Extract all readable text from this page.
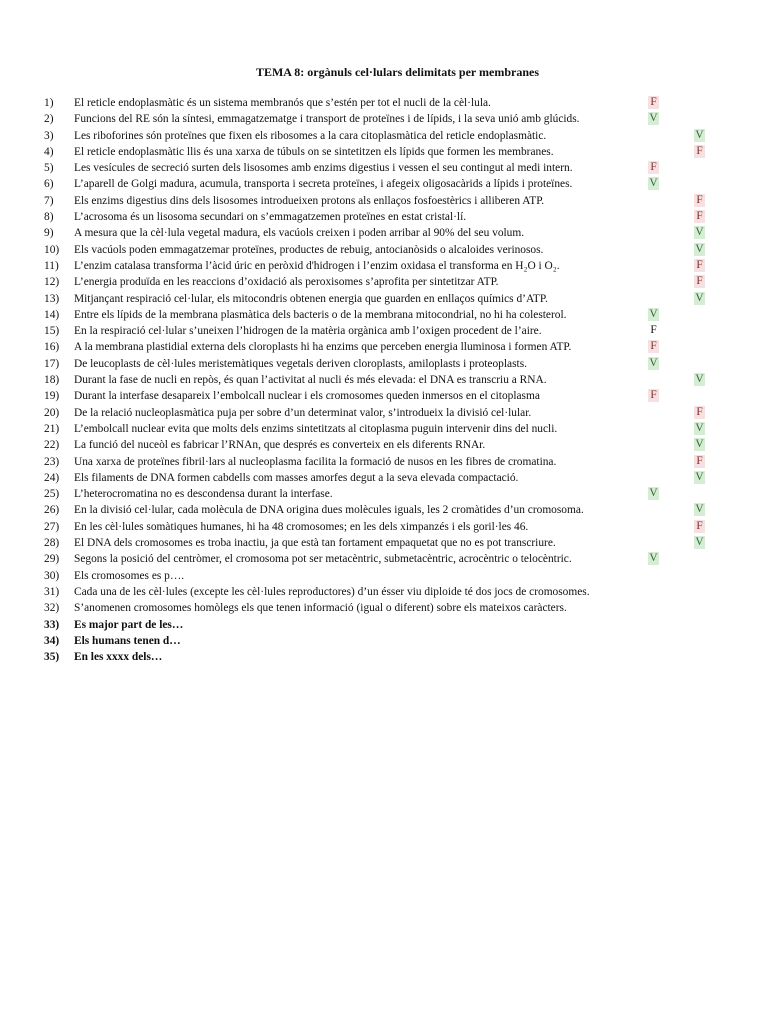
TEMA 8: orgànuls cel·lulars delimitats per membranes
1)	El reticle endoplasmàtic és un sistema membranós que s’estén per tot el nucli de la cèl·lula.	F
2)	Funcions del RE són la síntesi, emmagatzematge i transport de proteïnes i de lípids, i la seva unió amb glúcids.	V
3)	Les riboforines són proteïnes que fixen els ribosomes a la cara citoplasmàtica del reticle endoplasmàtic.	V
4)	El reticle endoplasmàtic llis és una xarxa de túbuls on se sintetitzen els lípids que formen les membranes.	F
5)	Les vesícules de secreció surten dels lisosomes amb enzims digestius i vessen el seu contingut al medi intern.	F
6)	L’aparell de Golgi madura, acumula, transporta i secreta proteïnes, i afegeix oligosacàrids a lípids i proteïnes.	V
7)	Els enzims digestius dins dels lisosomes introdueixen protons als enllaços fosfoestèrics i alliberen ATP.	F
8)	L’acrosoma és un lisosoma secundari on s’emmagatzemen proteïnes en estat cristal·lí.	F
9)	A mesura que la cèl·lula vegetal madura, els vacúols creixen i poden arribar al 90% del seu volum.	V
10)	Els vacúols poden emmagatzemar proteïnes, productes de rebuig, antocianòsids o alcaloides verinosos.	V
11)	L’enzim catalasa transforma l’àcid úric en peròxid d'hidrogen i l’enzim oxidasa el transforma en H₂O i O₂.	F
12)	L’energia produïda en les reaccions d’oxidació als peroxisomes s’aprofita per sintetitzar ATP.	F
13)	Mitjançant respiració cel·lular, els mitocondris obtenen energia que guarden en enllaços químics d’ATP.	V
14)	Entre els lípids de la membrana plasmàtica dels bacteris o de la membrana mitocondrial, no hi ha colesterol.	V
15)	En la respiració cel·lular s’uneixen l’hidrogen de la matèria orgànica amb l’oxigen procedent de l’aire.	F
16)	A la membrana plastidial externa dels cloroplasts hi ha enzims que perceben energia lluminosa i formen ATP.	F
17)	De leucoplasts de cèl·lules meristemàtiques vegetals deriven cloroplasts, amiloplasts i proteoplasts.	V
18)	Durant la fase de nucli en repòs, és quan l’activitat al nucli és més elevada: el DNA es transcriu a RNA.	V
19)	Durant la interfase desapareix l’embolcall nuclear i els cromosomes queden inmersos en el citoplasma	F
20)	De la relació nucleoplasmàtica puja per sobre d’un determinat valor, s’introdueix la divisió cel·lular.	F
21)	L’embolcall nuclear evita que molts dels enzims sintetitzats al citoplasma puguin intervenir dins del nucli.	V
22)	La funció del nuceòl es fabricar l’RNAn, que després es converteix en els diferents RNAr.	V
23)	Una xarxa de proteïnes fibril·lars al nucleoplasma facilita la formació de nusos en les fibres de cromatina.	F
24)	Els filaments de DNA formen cabdells com masses amorfes degut a la seva elevada compactació.	V
25)	L’heterocromatina no es descondensa durant la interfase.	V
26)	En la divisió cel·lular, cada molècula de DNA origina dues molècules iguals, les 2 cromàtides d’un cromosoma.	V
27)	En les cèl·lules somàtiques humanes, hi ha 48 cromosomes; en les dels ximpanzés i els goril·les 46.	F
28)	El DNA dels cromosomes es troba inactiu, ja que està tan fortament empaquetat que no es pot transcriure.	V
29)	Segons la posició del centròmer, el cromosoma pot ser metacèntric, submetacèntric, acrocèntric o telocèntric.	V
30)	Els cromosomes es p….
31)	Cada una de les cèl·lules (excepte les cèl·lules reproductores) d’un ésser viu diploide té dos jocs de cromosomes.
32)	S’anomenen cromosomes homòlegs els que tenen informació (igual o diferent) sobre els mateixos caràcters.
33)	Es major part de les…
34)	Els humans tenen d…
35)	En les xxxx dels…
